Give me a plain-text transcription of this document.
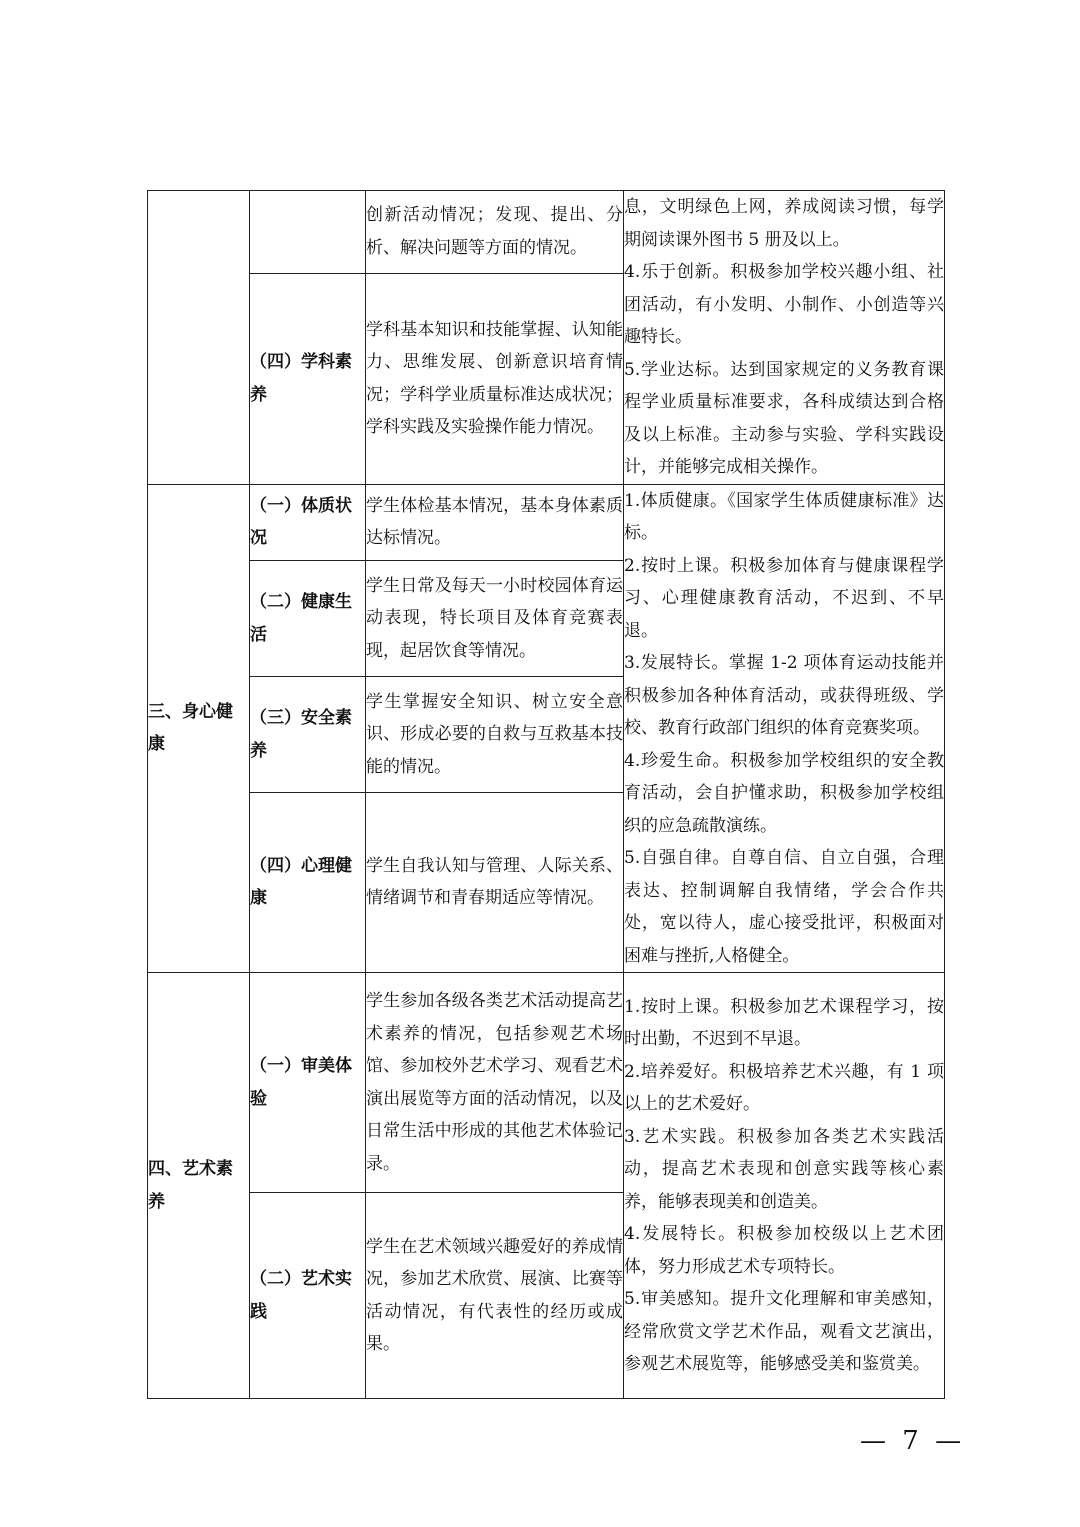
		创新活动情况；发现、提出、分析、解决问题等方面的情况。	息，文明绿色上网，养成阅读习惯，每学期阅读课外图书 5 册及以上。

4.乐于创新。积极参加学校兴趣小组、社团活动，有小发明、小制作、小创造等兴趣特长。

5.学业达标。达到国家规定的义务教育课程学业质量标准要求，各科成绩达到合格及以上标准。主动参与实验、学科实践设计，并能够完成相关操作。

	（四）学科素养	学科基本知识和技能掌握、认知能力、思维发展、创新意识培育情况；学科学业质量标准达成状况；学科实践及实验操作能力情况。	
三、身心健康	（一）体质状况	学生体检基本情况，基本身体素质达标情况。	1.体质健康。《国家学生体质健康标准》达标。

2.按时上课。积极参加体育与健康课程学习、心理健康教育活动，不迟到、不早退。

3.发展特长。掌握 1-2 项体育运动技能并积极参加各种体育活动，或获得班级、学校、教育行政部门组织的体育竞赛奖项。

4.珍爱生命。积极参加学校组织的安全教育活动，会自护懂求助，积极参加学校组织的应急疏散演练。

5.自强自律。自尊自信、自立自强，合理表达、控制调解自我情绪，学会合作共处，宽以待人，虚心接受批评，积极面对困难与挫折,人格健全。

	（二）健康生活	学生日常及每天一小时校园体育运动表现，特长项目及体育竞赛表现，起居饮食等情况。	
	（三）安全素养	学生掌握安全知识、树立安全意识、形成必要的自救与互救基本技能的情况。	
	（四）心理健康	学生自我认知与管理、人际关系、情绪调节和青春期适应等情况。	
四、艺术素养	（一）审美体验	学生参加各级各类艺术活动提高艺术素养的情况，包括参观艺术场馆、参加校外艺术学习、观看艺术演出展览等方面的活动情况，以及日常生活中形成的其他艺术体验记录。	1.按时上课。积极参加艺术课程学习，按时出勤，不迟到不早退。

2.培养爱好。积极培养艺术兴趣，有 1 项以上的艺术爱好。

3.艺术实践。积极参加各类艺术实践活动，提高艺术表现和创意实践等核心素养，能够表现美和创造美。

4.发展特长。积极参加校级以上艺术团体，努力形成艺术专项特长。

5.审美感知。提升文化理解和审美感知，经常欣赏文学艺术作品，观看文艺演出，参观艺术展览等，能够感受美和鉴赏美。

	（二）艺术实践	学生在艺术领域兴趣爱好的养成情况，参加艺术欣赏、展演、比赛等活动情况，有代表性的经历或成果。	
— 7 —
